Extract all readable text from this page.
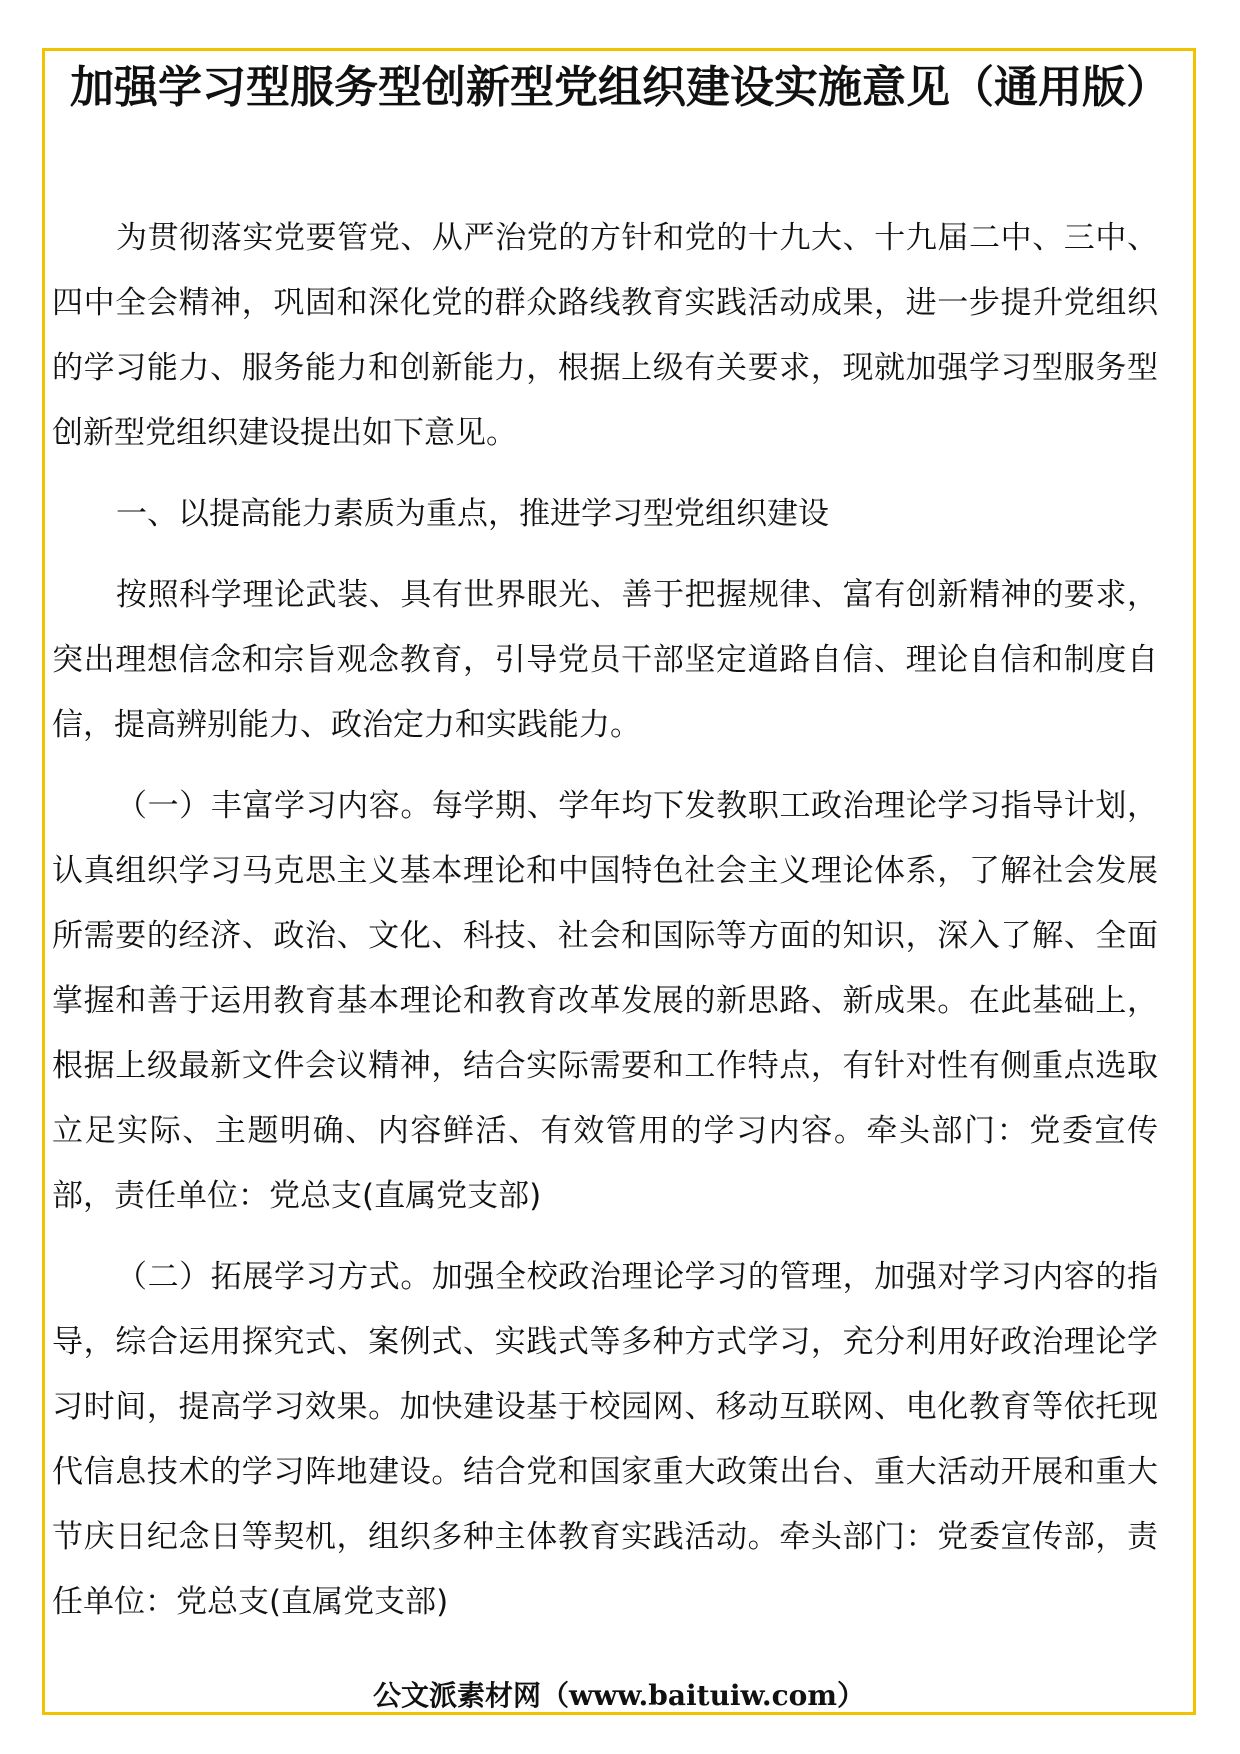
加强学习型服务型创新型党组织建设实施意见（通用版）

为贯彻落实党要管党、从严治党的方针和党的十九大、十九届二中、三中、四中全会精神，巩固和深化党的群众路线教育实践活动成果，进一步提升党组织的学习能力、服务能力和创新能力，根据上级有关要求，现就加强学习型服务型创新型党组织建设提出如下意见。

一、以提高能力素质为重点，推进学习型党组织建设

按照科学理论武装、具有世界眼光、善于把握规律、富有创新精神的要求，突出理想信念和宗旨观念教育，引导党员干部坚定道路自信、理论自信和制度自信，提高辨别能力、政治定力和实践能力。

（一）丰富学习内容。每学期、学年均下发教职工政治理论学习指导计划，认真组织学习马克思主义基本理论和中国特色社会主义理论体系，了解社会发展所需要的经济、政治、文化、科技、社会和国际等方面的知识，深入了解、全面掌握和善于运用教育基本理论和教育改革发展的新思路、新成果。在此基础上，根据上级最新文件会议精神，结合实际需要和工作特点，有针对性有侧重点选取立足实际、主题明确、内容鲜活、有效管用的学习内容。牵头部门：党委宣传部，责任单位：党总支(直属党支部)

（二）拓展学习方式。加强全校政治理论学习的管理，加强对学习内容的指导，综合运用探究式、案例式、实践式等多种方式学习，充分利用好政治理论学习时间，提高学习效果。加快建设基于校园网、移动互联网、电化教育等依托现代信息技术的学习阵地建设。结合党和国家重大政策出台、重大活动开展和重大节庆日纪念日等契机，组织多种主体教育实践活动。牵头部门：党委宣传部，责任单位：党总支(直属党支部)

公文派素材网（www.baituiw.com）
